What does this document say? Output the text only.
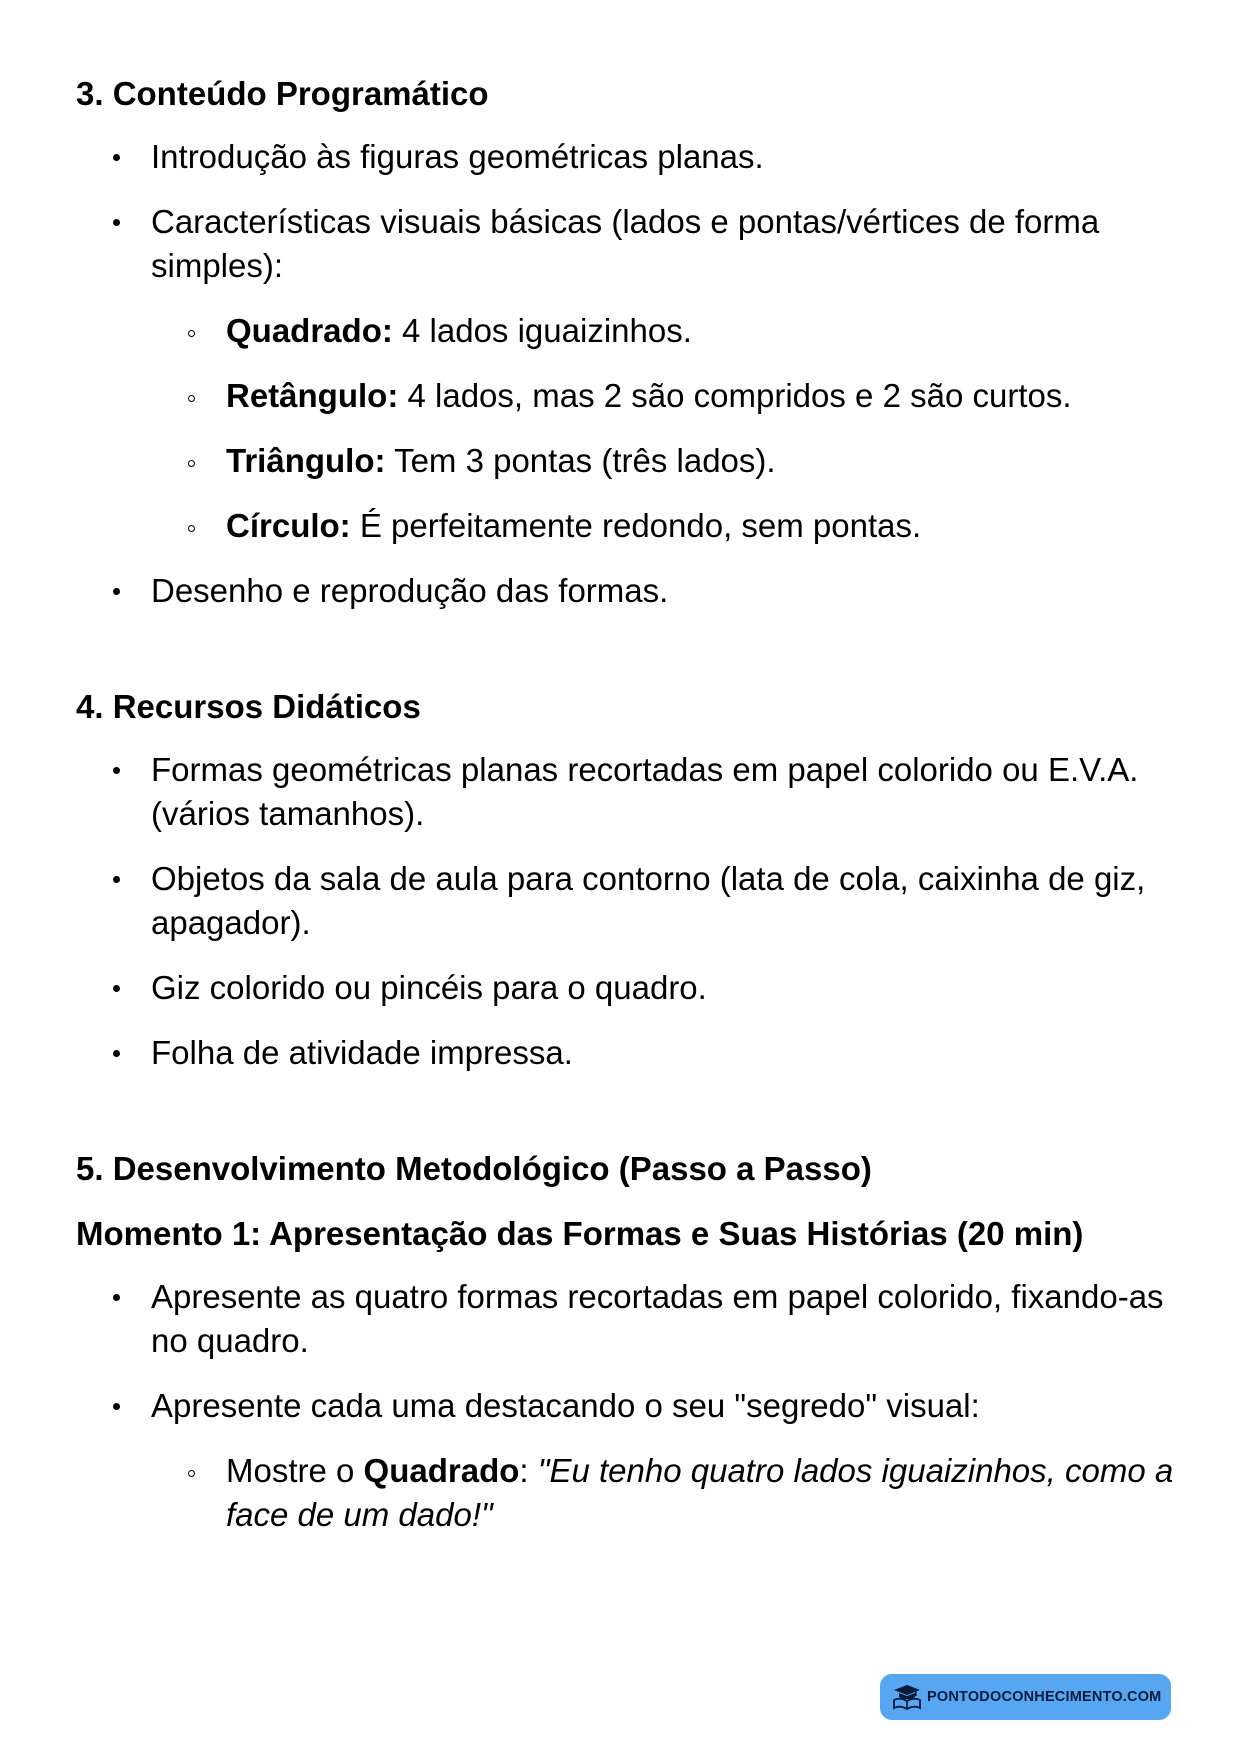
3. Conteúdo Programático
Introdução às figuras geométricas planas.
Características visuais básicas (lados e pontas/vértices de forma simples):
Quadrado: 4 lados iguaizinhos.
Retângulo: 4 lados, mas 2 são compridos e 2 são curtos.
Triângulo: Tem 3 pontas (três lados).
Círculo: É perfeitamente redondo, sem pontas.
Desenho e reprodução das formas.
4. Recursos Didáticos
Formas geométricas planas recortadas em papel colorido ou E.V.A. (vários tamanhos).
Objetos da sala de aula para contorno (lata de cola, caixinha de giz, apagador).
Giz colorido ou pincéis para o quadro.
Folha de atividade impressa.
5. Desenvolvimento Metodológico (Passo a Passo)
Momento 1: Apresentação das Formas e Suas Histórias (20 min)
Apresente as quatro formas recortadas em papel colorido, fixando-as no quadro.
Apresente cada uma destacando o seu "segredo" visual:
Mostre o Quadrado: "Eu tenho quatro lados iguaizinhos, como a face de um dado!"
PONTODOCONHECIMENTO.COM
